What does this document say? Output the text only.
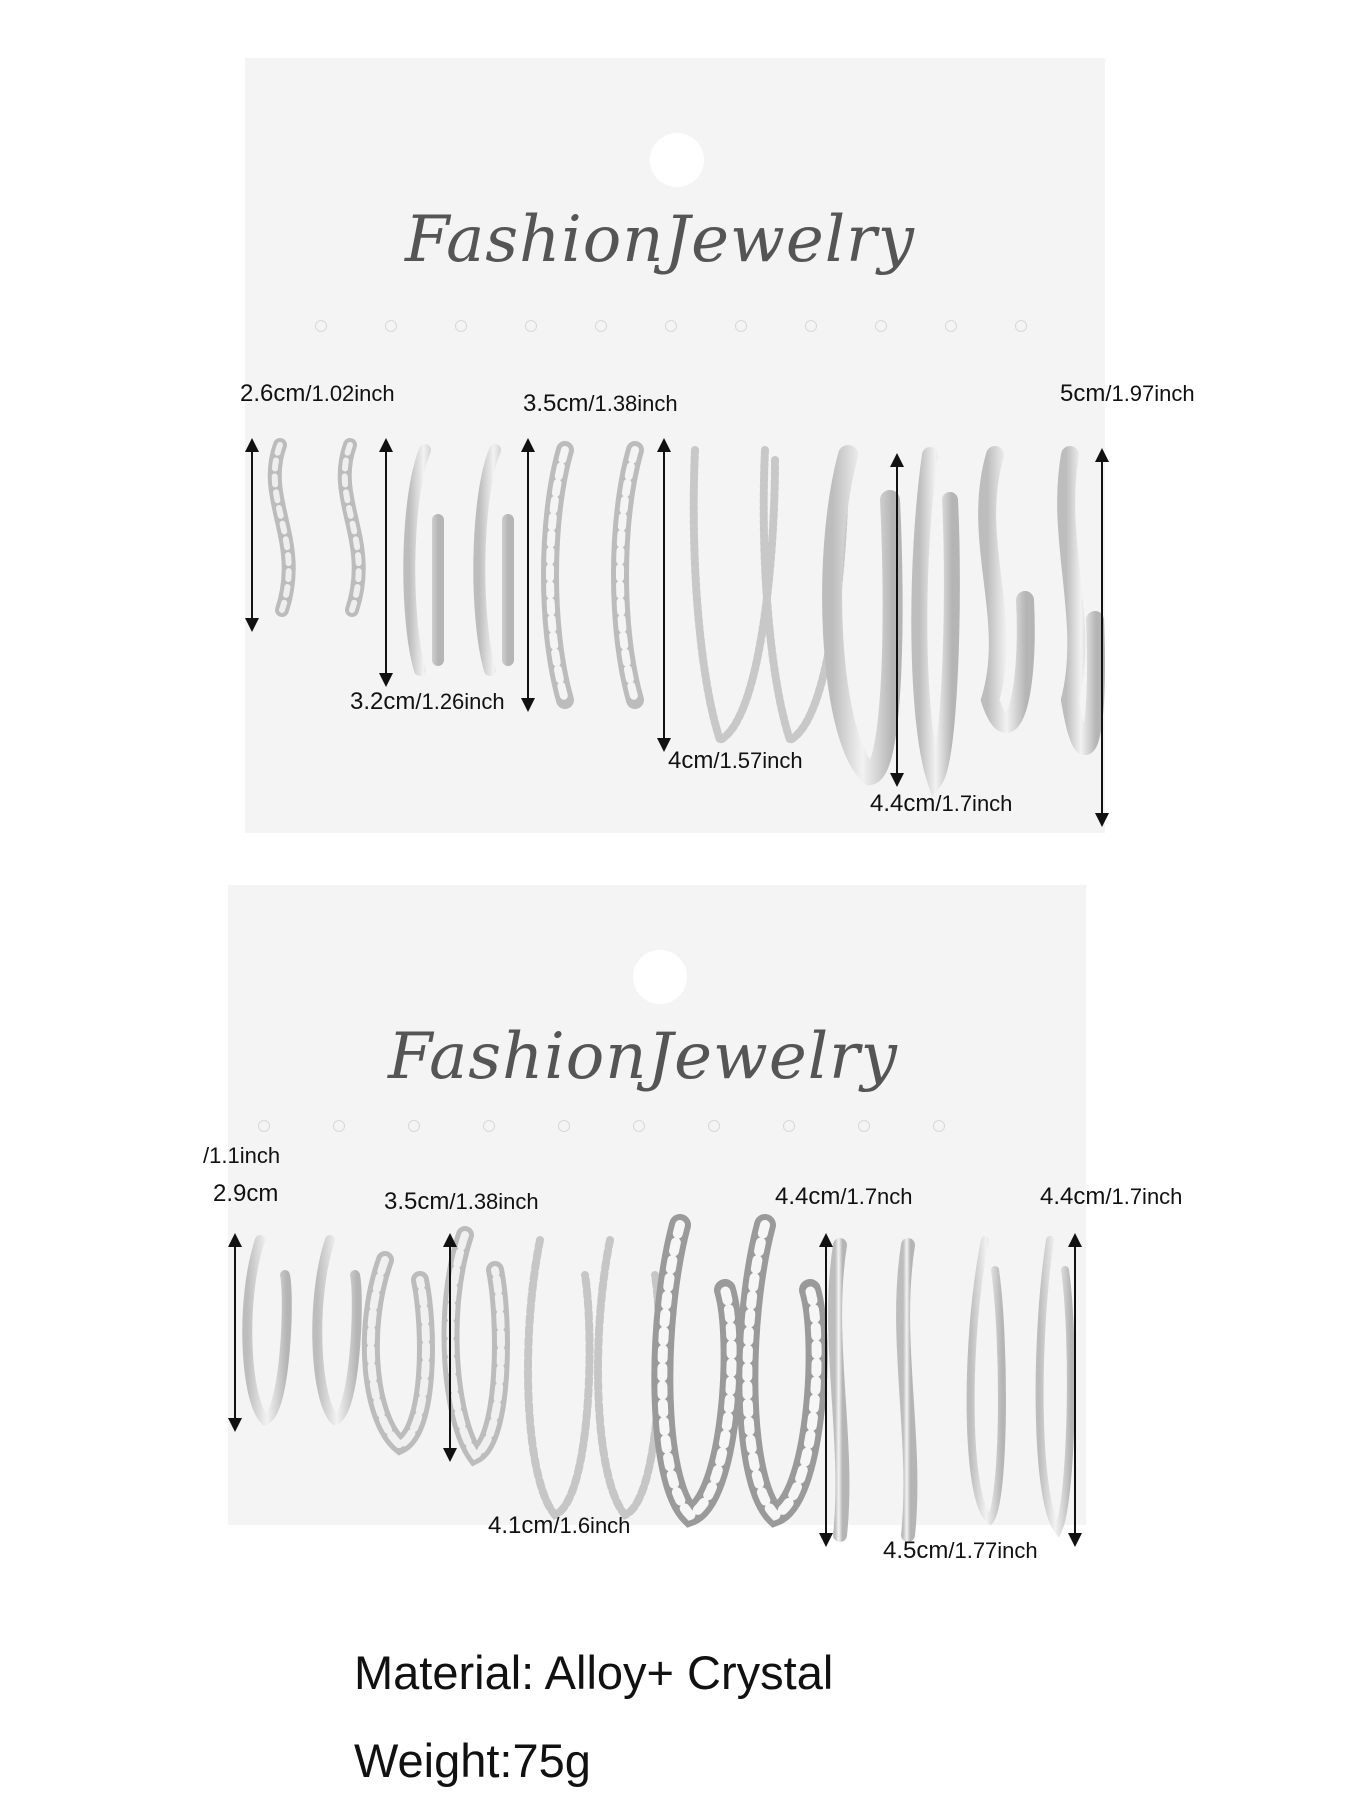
FashionJewelry
FashionJewelry
2.6cm/1.02inch	3.5cm/1.38inch	5cm/1.97inch
3.2cm/1.26inch
4cm/1.57inch
4.4cm/1.7inch
/1.1inch
2.9cm	3.5cm/1.38inch	4.4cm/1.7nch	4.4cm/1.7inch
4.1cm/1.6inch
4.5cm/1.77inch
Material: Alloy+ Crystal
Weight:75g
